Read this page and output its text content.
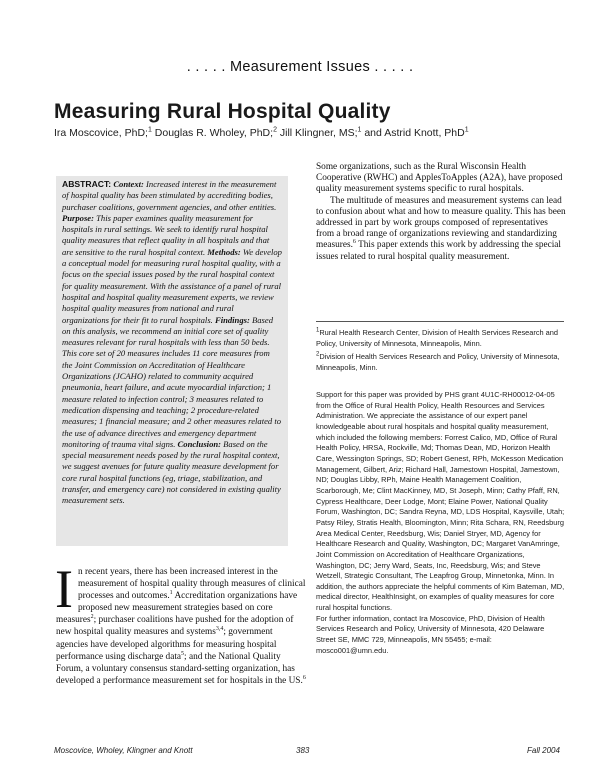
. . . . . Measurement Issues . . . . .
Measuring Rural Hospital Quality
Ira Moscovice, PhD;$^1$ Douglas R. Wholey, PhD;$^2$ Jill Klingner, MS;$^1$ and Astrid Knott, PhD$^1$

ABSTRACT: Context: Increased interest in the measurement of hospital quality has been stimulated by accrediting bodies, purchaser coalitions, government agencies, and other entities. Purpose: This paper examines quality measurement for hospitals in rural settings. We seek to identify rural hospital quality measures that reflect quality in all hospitals and that are sensitive to the rural hospital context. Methods: We develop a conceptual model for measuring rural hospital quality, with a focus on the special issues posed by the rural hospital context for quality measurement. With the assistance of a panel of rural hospital and hospital quality measurement experts, we review hospital quality measures from national and rural organizations for their fit to rural hospitals. Findings: Based on this analysis, we recommend an initial core set of quality measures relevant for rural hospitals with less than 50 beds. This core set of 20 measures includes 11 core measures from the Joint Commission on Accreditation of Healthcare Organizations (JCAHO) related to community acquired pneumonia, heart failure, and acute myocardial infarction; 1 measure related to infection control; 3 measures related to medication dispensing and teaching; 2 procedure-related measures; 1 financial measure; and 2 other measures related to the use of advance directives and emergency department monitoring of trauma vital signs. Conclusion: Based on the special measurement needs posed by the rural hospital context, we suggest avenues for future quality measure development for core rural hospital functions (eg, triage, stabilization, and transfer, and emergency care) not considered in existing quality measurement sets.

In recent years, there has been increased interest in the measurement of hospital quality through measures of clinical processes and outcomes.$^1$ Accreditation organizations have proposed new measurement strategies based on core measures$^2$; purchaser coalitions have pushed for the adoption of new hospital quality measures and systems$^{3,4}$; government agencies have developed algorithms for measuring hospital performance using discharge data$^5$; and the National Quality Forum, a voluntary consensus standard-setting organization, has developed a performance measurement set for hospitals in the US.$^6$

Some organizations, such as the Rural Wisconsin Health Cooperative (RWHC) and ApplesToApples (A2A), have proposed quality measurement systems specific to rural hospitals.

The multitude of measures and measurement systems can lead to confusion about what and how to measure quality. This has been addressed in part by work groups composed of representatives from a broad range of organizations reviewing and standardizing measures.$^6$ This paper extends this work by addressing the special issues related to rural hospital quality measurement.

$^1$Rural Health Research Center, Division of Health Services Research and Policy, University of Minnesota, Minneapolis, Minn.

$^2$Division of Health Services Research and Policy, University of Minnesota, Minneapolis, Minn.

Support for this paper was provided by PHS grant 4U1C-RH00012-04-05 from the Office of Rural Health Policy, Health Resources and Services Administration. We appreciate the assistance of our expert panel knowledgeable about rural hospitals and hospital quality measurement, which included the following members: Forrest Calico, MD, Office of Rural Health Policy, HRSA, Rockville, Md; Thomas Dean, MD, Horizon Health Care, Wessington Springs, SD; Robert Genest, RPh, McKesson Medication Management, Gilbert, Ariz; Richard Hall, Jamestown Hospital, Jamestown, ND; Douglas Libby, RPh, Maine Health Management Coalition, Scarborough, Me; Clint MacKinney, MD, St Joseph, Minn; Cathy Pfaff, RN, Cypress Healthcare, Deer Lodge, Mont; Elaine Power, National Quality Forum, Washington, DC; Sandra Reyna, MD, LDS Hospital, Kaysville, Utah; Patsy Riley, Stratis Health, Bloomington, Minn; Rita Schara, RN, Reedsburg Area Medical Center, Reedsburg, Wis; Daniel Stryer, MD, Agency for Healthcare Research and Quality, Washington, DC; Margaret VanAmringe, Joint Commission on Accreditation of Healthcare Organizations, Washington, DC; Jerry Ward, Seats, Inc, Reedsburg, Wis; and Steve Wetzell, Strategic Consultant, The Leapfrog Group, Minnetonka, Minn. In addition, the authors appreciate the helpful comments of Kim Bateman, MD, medical director, HealthInsight, on examples of quality measures for core rural hospital functions.

For further information, contact Ira Moscovice, PhD, Division of Health Services Research and Policy, University of Minnesota, 420 Delaware Street SE, MMC 729, Minneapolis, MN 55455; e-mail: mosco001@umn.edu.

Moscovice, Wholey, Klingner and Knott	383	Fall 2004
